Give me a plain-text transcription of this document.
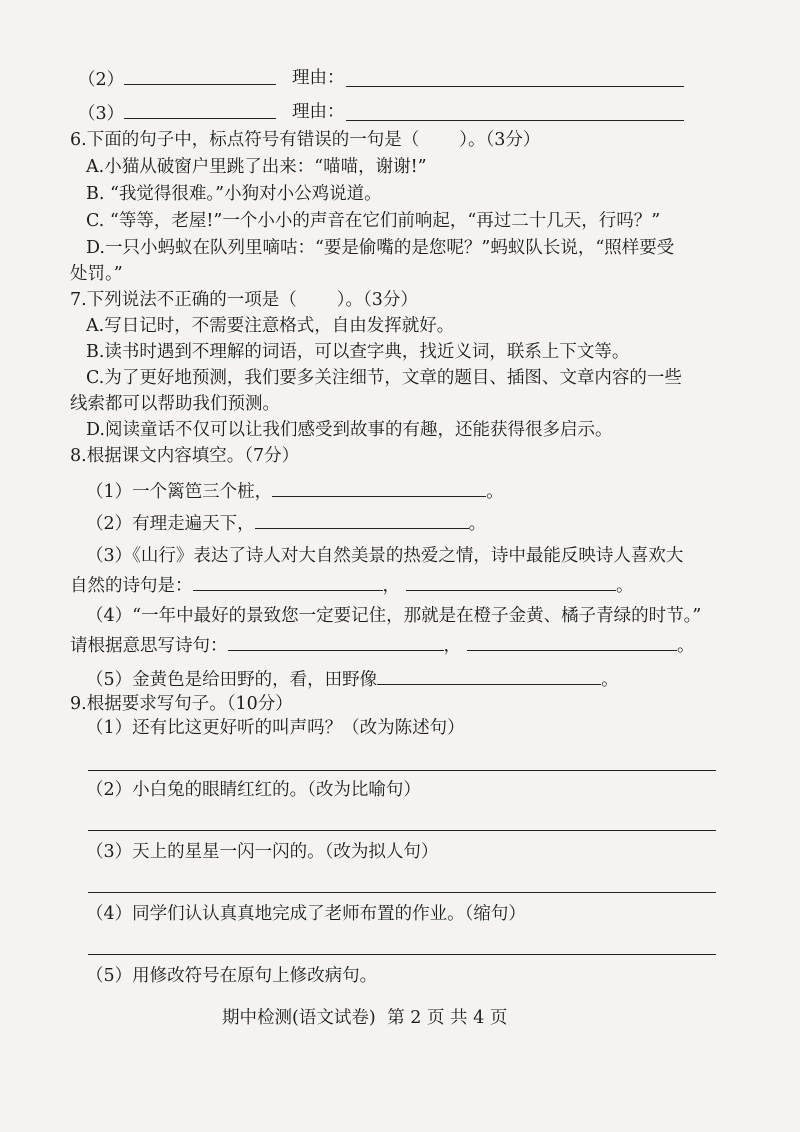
（2）	理由：
（3）	理由：
6.下面的句子中，标点符号有错误的一句是（ ）。（3分）
A.小猫从破窗户里跳了出来：“喵喵，谢谢!”
B. “我觉得很难。”小狗对小公鸡说道。
C. “等等，老屋!”一个小小的声音在它们前响起，“再过二十几天，行吗？”
D.一只小蚂蚁在队列里嘀咕：“要是偷嘴的是您呢？”蚂蚁队长说，“照样要受
处罚。”
7.下列说法不正确的一项是（ ）。（3分）
A.写日记时，不需要注意格式，自由发挥就好。
B.读书时遇到不理解的词语，可以查字典，找近义词，联系上下文等。
C.为了更好地预测，我们要多关注细节，文章的题目、插图、文章内容的一些
线索都可以帮助我们预测。
D.阅读童话不仅可以让我们感受到故事的有趣，还能获得很多启示。
8.根据课文内容填空。（7分）
（1）一个篱笆三个桩，	。
（2）有理走遍天下，	。
（3）《山行》表达了诗人对大自然美景的热爱之情，诗中最能反映诗人喜欢大
自然的诗句是：	，	。
（4）“一年中最好的景致您一定要记住，那就是在橙子金黄、橘子青绿的时节。”
请根据意思写诗句：	，	。
（5）金黄色是给田野的，看，田野像	。
9.根据要求写句子。（10分）
（1）还有比这更好听的叫声吗？（改为陈述句）
（2）小白兔的眼睛红红的。（改为比喻句）
（3）天上的星星一闪一闪的。（改为拟人句）
（4）同学们认认真真地完成了老师布置的作业。（缩句）
（5）用修改符号在原句上修改病句。
期中检测(语文试卷) 第 2 页 共 4 页
